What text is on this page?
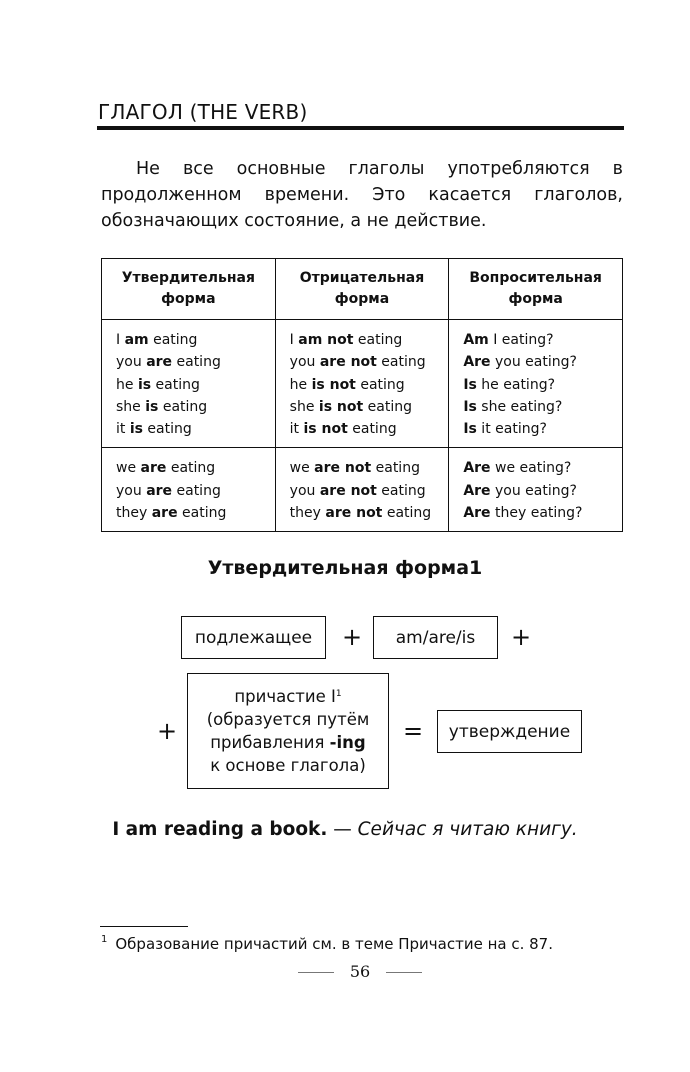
ГЛАГОЛ (THE VERB)

Не все основные глаголы употребляются в продолженном времени. Это касается глаголов, обозначающих состояние, а не действие.

Утвердительная
форма	Отрицательная
форма	Вопросительная
форма

I am eating
you are eating
he is eating
she is eating
it is eating	I am not eating
you are not eating
he is not eating
she is not eating
it is not eating	Am I eating?
Are you eating?
Is he eating?
Is she eating?
Is it eating?

we are eating
you are eating
they are eating	we are not eating
you are not eating
they are not eating	Are we eating?
Are you eating?
Are they eating?
Утвердительная форма1
подлежащее + am/are/is +
+
причастие $I^1$
(образуется путём
прибавления -ing
к основе глагола)
= утверждение
I am reading a book. — Сейчас я читаю книгу.
$^1$ Образование причастий см. в теме Причастие на с. 87.
56
